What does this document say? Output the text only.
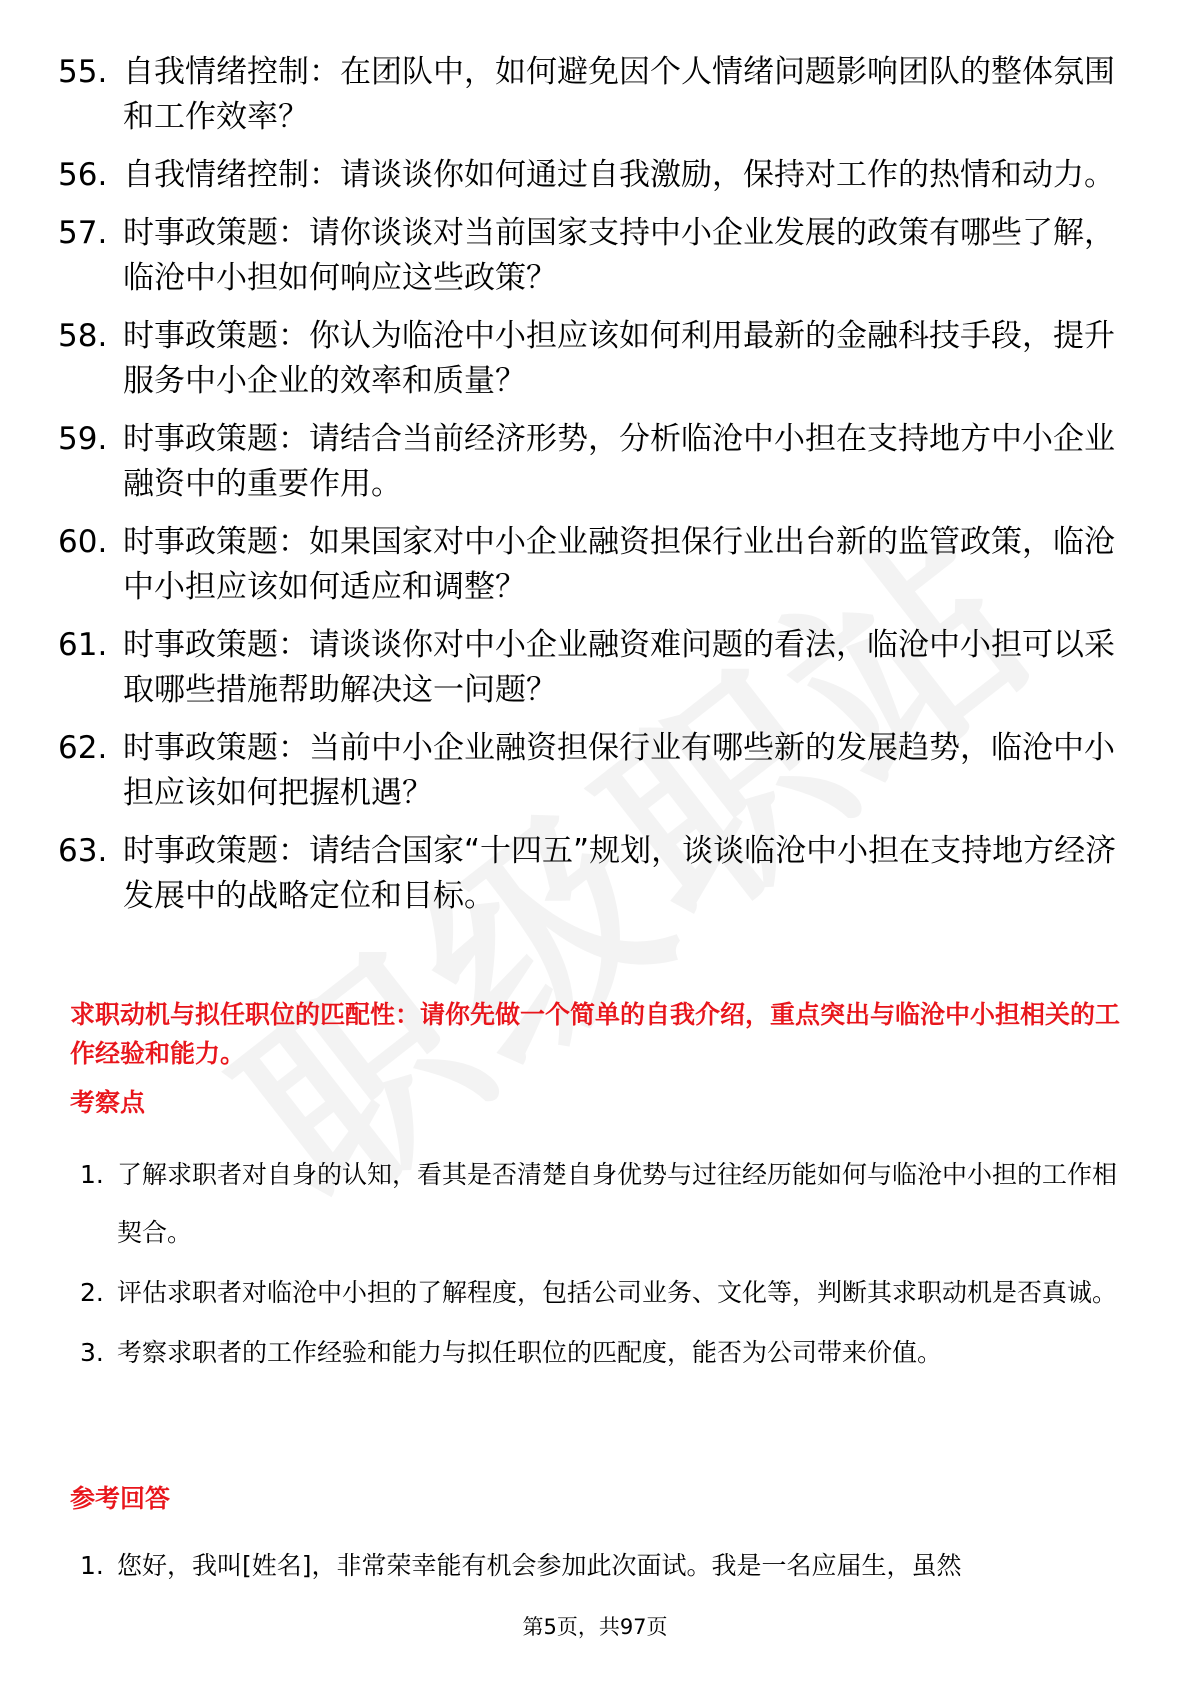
55. 自我情绪控制：在团队中，如何避免因个人情绪问题影响团队的整体氛围和工作效率？
56. 自我情绪控制：请谈谈你如何通过自我激励，保持对工作的热情和动力。
57. 时事政策题：请你谈谈对当前国家支持中小企业发展的政策有哪些了解，临沧中小担如何响应这些政策？
58. 时事政策题：你认为临沧中小担应该如何利用最新的金融科技手段，提升服务中小企业的效率和质量？
59. 时事政策题：请结合当前经济形势，分析临沧中小担在支持地方中小企业融资中的重要作用。
60. 时事政策题：如果国家对中小企业融资担保行业出台新的监管政策，临沧中小担应该如何适应和调整？
61. 时事政策题：请谈谈你对中小企业融资难问题的看法，临沧中小担可以采取哪些措施帮助解决这一问题？
62. 时事政策题：当前中小企业融资担保行业有哪些新的发展趋势，临沧中小担应该如何把握机遇？
63. 时事政策题：请结合国家“十四五”规划，谈谈临沧中小担在支持地方经济发展中的战略定位和目标。
求职动机与拟任职位的匹配性：请你先做一个简单的自我介绍，重点突出与临沧中小担相关的工作经验和能力。
考察点
1. 了解求职者对自身的认知，看其是否清楚自身优势与过往经历能如何与临沧中小担的工作相契合。
2. 评估求职者对临沧中小担的了解程度，包括公司业务、文化等，判断其求职动机是否真诚。
3. 考察求职者的工作经验和能力与拟任职位的匹配度，能否为公司带来价值。
参考回答
1. 您好，我叫[姓名]，非常荣幸能有机会参加此次面试。我是一名应届生，虽然
第5页，共97页
